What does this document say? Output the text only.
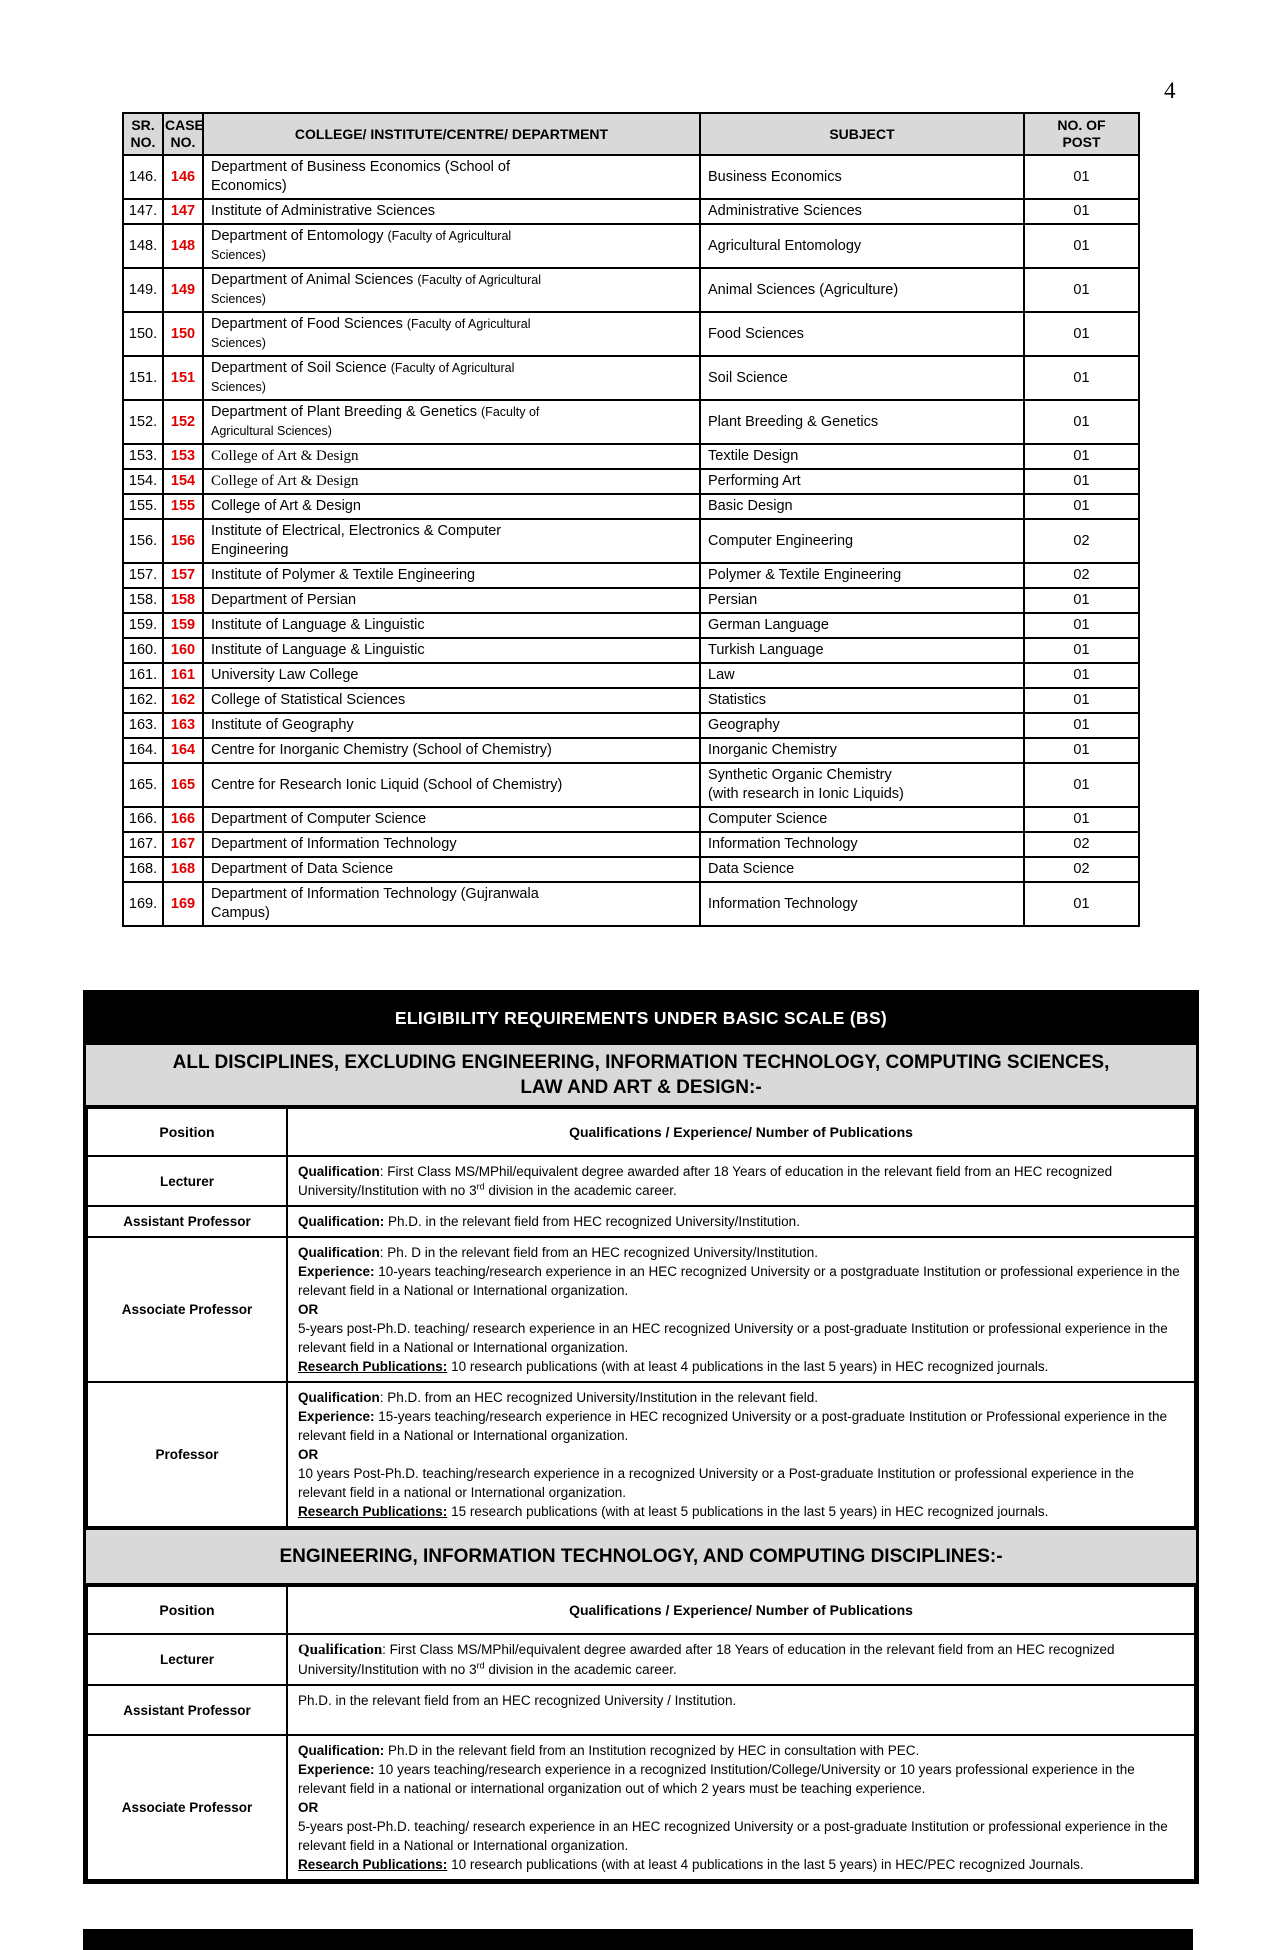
4
SR. NO.	CASE NO.	COLLEGE/ INSTITUTE/CENTRE/ DEPARTMENT	SUBJECT	NO. OF POST
146.	146	Department of Business Economics (School of
Economics)	Business Economics	01
147.	147	Institute of Administrative Sciences	Administrative Sciences	01
148.	148	Department of Entomology (Faculty of Agricultural
Sciences)	Agricultural Entomology	01
149.	149	Department of Animal Sciences (Faculty of Agricultural
Sciences)	Animal Sciences (Agriculture)	01
150.	150	Department of Food Sciences (Faculty of Agricultural
Sciences)	Food Sciences	01
151.	151	Department of Soil Science (Faculty of Agricultural
Sciences)	Soil Science	01
152.	152	Department of Plant Breeding & Genetics (Faculty of
Agricultural Sciences)	Plant Breeding & Genetics	01
153.	153	College of Art & Design	Textile Design	01
154.	154	College of Art & Design	Performing Art	01
155.	155	College of Art & Design	Basic Design	01
156.	156	Institute of Electrical, Electronics & Computer
Engineering	Computer Engineering	02
157.	157	Institute of Polymer & Textile Engineering	Polymer & Textile Engineering	02
158.	158	Department of Persian	Persian	01
159.	159	Institute of Language & Linguistic	German Language	01
160.	160	Institute of Language & Linguistic	Turkish Language	01
161.	161	University Law College	Law	01
162.	162	College of Statistical Sciences	Statistics	01
163.	163	Institute of Geography	Geography	01
164.	164	Centre for Inorganic Chemistry (School of Chemistry)	Inorganic Chemistry	01
165.	165	Centre for Research Ionic Liquid (School of Chemistry)	Synthetic Organic Chemistry
(with research in Ionic Liquids)	01
166.	166	Department of Computer Science	Computer Science	01
167.	167	Department of Information Technology	Information Technology	02
168.	168	Department of Data Science	Data Science	02
169.	169	Department of Information Technology (Gujranwala
Campus)	Information Technology	01
ELIGIBILITY REQUIREMENTS UNDER BASIC SCALE (BS)
ALL DISCIPLINES, EXCLUDING ENGINEERING, INFORMATION TECHNOLOGY, COMPUTING SCIENCES, LAW AND ART & DESIGN:-
Position	Qualifications / Experience/ Number of Publications
Lecturer	Qualification: First Class MS/MPhil/equivalent degree awarded after 18 Years of education in the relevant field from an HEC recognized University/Institution with no 3rd division in the academic career.

Assistant Professor	Qualification: Ph.D. in the relevant field from HEC recognized University/Institution.

Associate Professor	Qualification: Ph. D in the relevant field from an HEC recognized University/Institution.
Experience: 10-years teaching/research experience in an HEC recognized University or a postgraduate Institution or professional experience in the relevant field in a National or International organization.
OR
5-years post-Ph.D. teaching/ research experience in an HEC recognized University or a post-graduate Institution or professional experience in the relevant field in a National or International organization.
Research Publications: 10 research publications (with at least 4 publications in the last 5 years) in HEC recognized journals.

Professor	Qualification: Ph.D. from an HEC recognized University/Institution in the relevant field.
Experience: 15-years teaching/research experience in HEC recognized University or a post-graduate Institution or Professional experience in the relevant field in a National or International organization.
OR
10 years Post-Ph.D. teaching/research experience in a recognized University or a Post-graduate Institution or professional experience in the relevant field in a national or International organization.
Research Publications: 15 research publications (with at least 5 publications in the last 5 years) in HEC recognized journals.
ENGINEERING, INFORMATION TECHNOLOGY, AND COMPUTING DISCIPLINES:-
Position	Qualifications / Experience/ Number of Publications
Lecturer	Qualification: First Class MS/MPhil/equivalent degree awarded after 18 Years of education in the relevant field from an HEC recognized University/Institution with no 3rd division in the academic career.

Assistant Professor	Ph.D. in the relevant field from an HEC recognized University / Institution.

Associate Professor	Qualification: Ph.D in the relevant field from an Institution recognized by HEC in consultation with PEC.
Experience: 10 years teaching/research experience in a recognized Institution/College/University or 10 years professional experience in the relevant field in a national or international organization out of which 2 years must be teaching experience.
OR
5-years post-Ph.D. teaching/ research experience in an HEC recognized University or a post-graduate Institution or professional experience in the relevant field in a National or International organization.
Research Publications: 10 research publications (with at least 4 publications in the last 5 years) in HEC/PEC recognized Journals.
